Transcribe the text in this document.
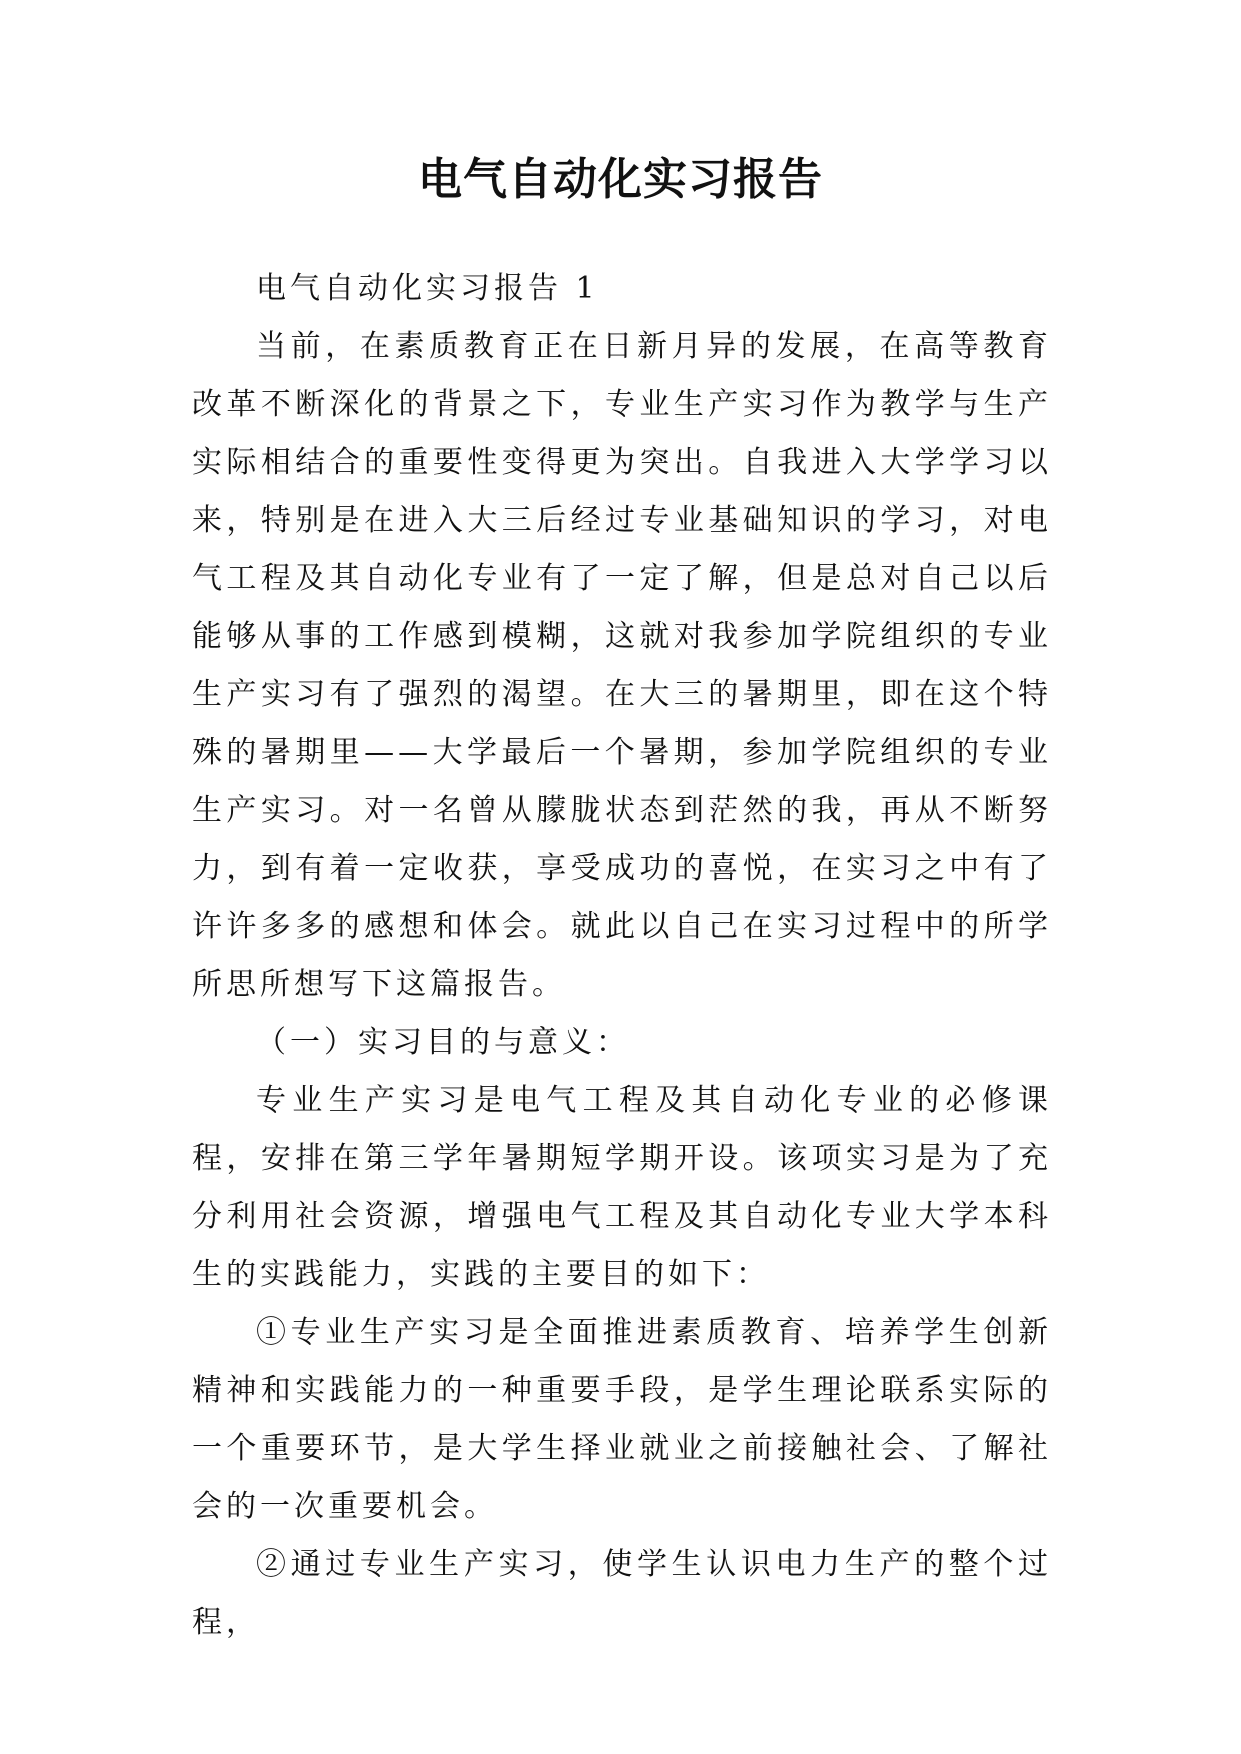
电气自动化实习报告

电气自动化实习报告 1

当前，在素质教育正在日新月异的发展，在高等教育改革不断深化的背景之下，专业生产实习作为教学与生产实际相结合的重要性变得更为突出。自我进入大学学习以来，特别是在进入大三后经过专业基础知识的学习，对电气工程及其自动化专业有了一定了解，但是总对自己以后能够从事的工作感到模糊，这就对我参加学院组织的专业生产实习有了强烈的渴望。在大三的暑期里，即在这个特殊的暑期里——大学最后一个暑期，参加学院组织的专业生产实习。对一名曾从朦胧状态到茫然的我，再从不断努力，到有着一定收获，享受成功的喜悦，在实习之中有了许许多多的感想和体会。就此以自己在实习过程中的所学所思所想写下这篇报告。

（一）实习目的与意义：

专业生产实习是电气工程及其自动化专业的必修课程，安排在第三学年暑期短学期开设。该项实习是为了充分利用社会资源，增强电气工程及其自动化专业大学本科生的实践能力，实践的主要目的如下：

①专业生产实习是全面推进素质教育、培养学生创新精神和实践能力的一种重要手段，是学生理论联系实际的一个重要环节，是大学生择业就业之前接触社会、了解社会的一次重要机会。

②通过专业生产实习，使学生认识电力生产的整个过程，
